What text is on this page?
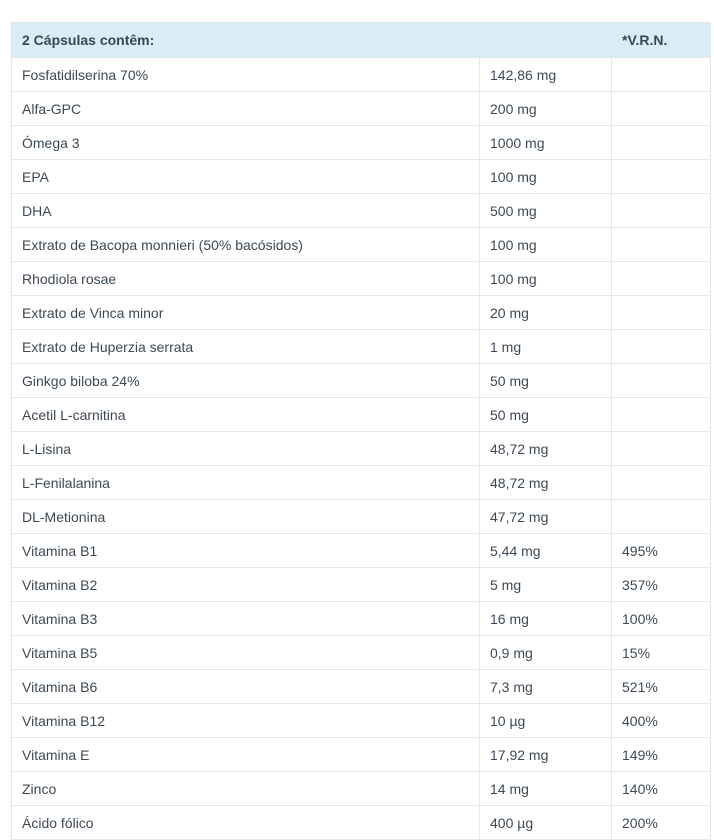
2 Cápsulas contêm:		*V.R.N.
Fosfatidilserina 70%	142,86 mg	
Alfa-GPC	200 mg	
Ómega 3	1000 mg	
EPA	100 mg	
DHA	500 mg	
Extrato de Bacopa monnieri (50% bacósidos)	100 mg	
Rhodiola rosae	100 mg	
Extrato de Vinca minor	20 mg	
Extrato de Huperzia serrata	1 mg	
Ginkgo biloba 24%	50 mg	
Acetil L-carnitina	50 mg	
L-Lisina	48,72 mg	
L-Fenilalanina	48,72 mg	
DL-Metionina	47,72 mg	
Vitamina B1	5,44 mg	495%
Vitamina B2	5 mg	357%
Vitamina B3	16 mg	100%
Vitamina B5	0,9 mg	15%
Vitamina B6	7,3 mg	521%
Vitamina B12	10 µg	400%
Vitamina E	17,92 mg	149%
Zinco	14 mg	140%
Ácido fólico	400 µg	200%
